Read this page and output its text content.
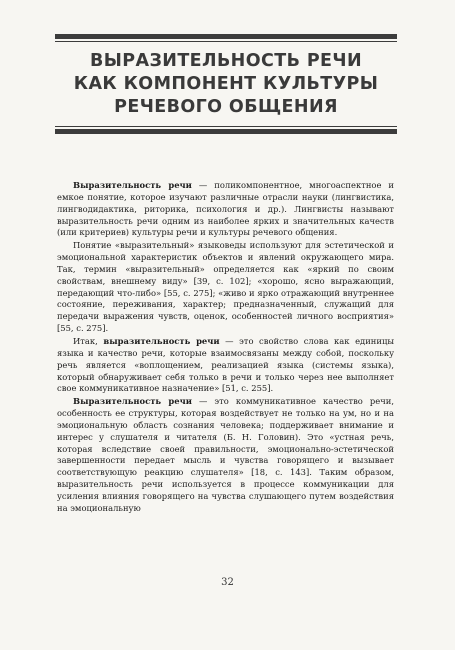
ВЫРАЗИТЕЛЬНОСТЬ РЕЧИ
КАК КОМПОНЕНТ КУЛЬТУРЫ
РЕЧЕВОГО ОБЩЕНИЯ

Выразительность речи — поликомпонентное, многоаспектное и емкое понятие, которое изучают различные отрасли науки (лингвистика, лингводидактика, риторика, психология и др.). Лингвисты называют выразительность речи одним из наиболее ярких и значительных качеств (или критериев) культуры речи и культуры речевого общения.

Понятие «выразительный» языковеды используют для эстетической и эмоциональной характеристик объектов и явлений окружающего мира. Так, термин «выразительный» определяется как «яркий по своим свойствам, внешнему виду» [39, с. 102]; «хорошо, ясно выражающий, передающий что-либо» [55, с. 275]; «живо и ярко отражающий внутреннее состояние, переживания, характер; предназначенный, служащий для передачи выражения чувств, оценок, особенностей личного восприятия» [55, с. 275].

Итак, выразительность речи — это свойство слова как единицы языка и качество речи, которые взаимосвязаны между собой, поскольку речь является «воплощением, реализацией языка (системы языка), который обнаруживает себя только в речи и только через нее выполняет свое коммуникативное назначение» [51, с. 255].

Выразительность речи — это коммуникативное качество речи, особенность ее структуры, которая воздействует не только на ум, но и на эмоциональную область сознания человека; поддерживает внимание и интерес у слушателя и читателя (Б. Н. Головин). Это «устная речь, которая вследствие своей правильности, эмоционально-эстетической завершенности передает мысль и чувства говорящего и вызывает соответствующую реакцию слушателя» [18, с. 143]. Таким образом, выразительность речи используется в процессе коммуникации для усиления влияния говорящего на чувства слушающего путем воздействия на эмоциональную

32
